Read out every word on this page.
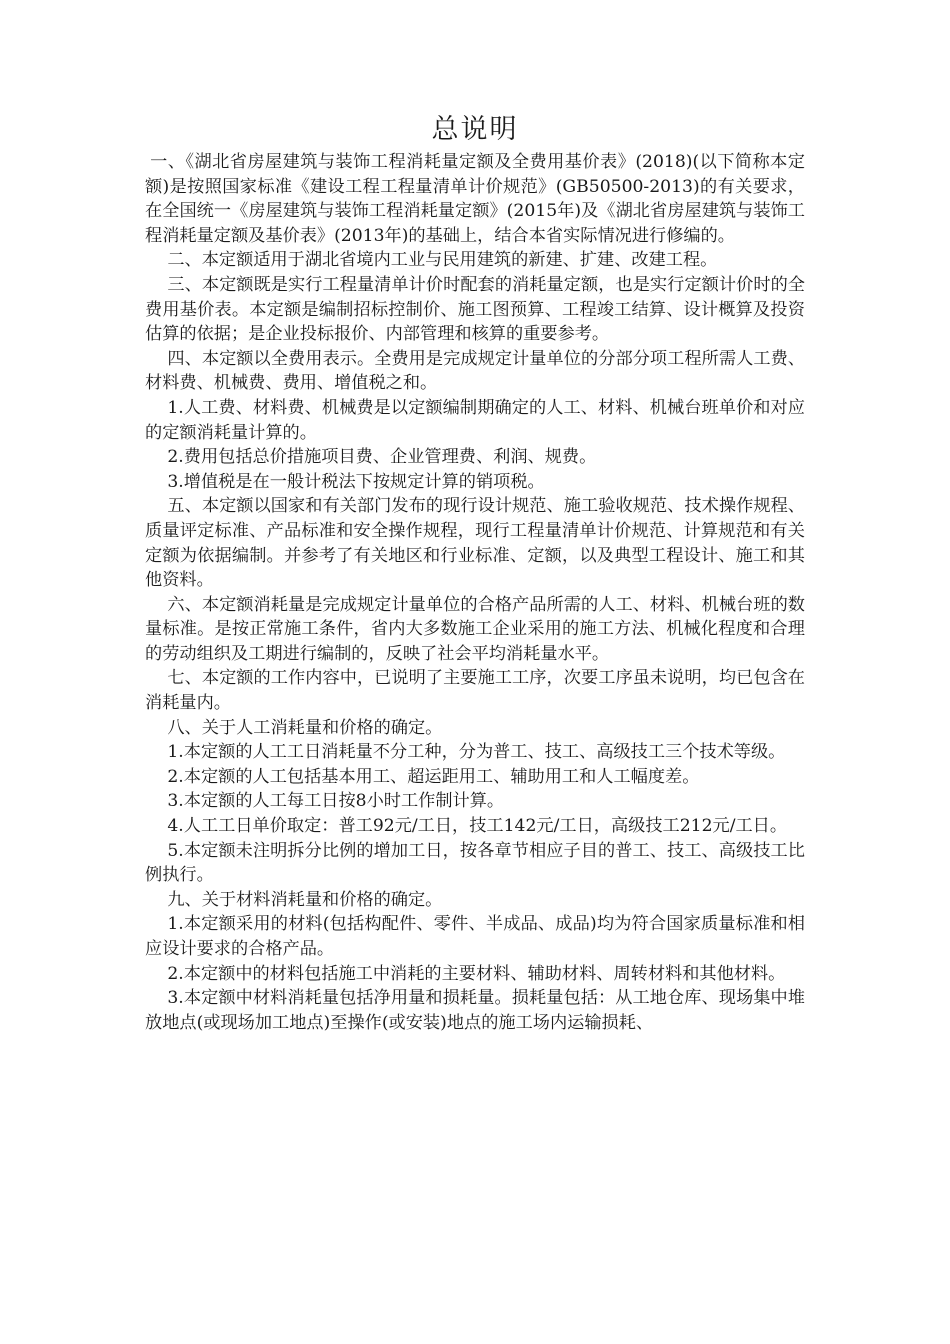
总说明

一、《湖北省房屋建筑与装饰工程消耗量定额及全费用基价表》(2018)(以下简称本定额)是按照国家标准《建设工程工程量清单计价规范》(GB50500-2013)的有关要求，在全国统一《房屋建筑与装饰工程消耗量定额》(2015年)及《湖北省房屋建筑与装饰工程消耗量定额及基价表》(2013年)的基础上，结合本省实际情况进行修编的。

二、本定额适用于湖北省境内工业与民用建筑的新建、扩建、改建工程。

三、本定额既是实行工程量清单计价时配套的消耗量定额，也是实行定额计价时的全费用基价表。本定额是编制招标控制价、施工图预算、工程竣工结算、设计概算及投资估算的依据；是企业投标报价、内部管理和核算的重要参考。

四、本定额以全费用表示。全费用是完成规定计量单位的分部分项工程所需人工费、材料费、机械费、费用、增值税之和。

1.人工费、材料费、机械费是以定额编制期确定的人工、材料、机械台班单价和对应的定额消耗量计算的。

2.费用包括总价措施项目费、企业管理费、利润、规费。

3.增值税是在一般计税法下按规定计算的销项税。

五、本定额以国家和有关部门发布的现行设计规范、施工验收规范、技术操作规程、质量评定标准、产品标准和安全操作规程，现行工程量清单计价规范、计算规范和有关定额为依据编制。并参考了有关地区和行业标准、定额，以及典型工程设计、施工和其他资料。

六、本定额消耗量是完成规定计量单位的合格产品所需的人工、材料、机械台班的数量标准。是按正常施工条件，省内大多数施工企业采用的施工方法、机械化程度和合理的劳动组织及工期进行编制的，反映了社会平均消耗量水平。

七、本定额的工作内容中，已说明了主要施工工序，次要工序虽未说明，均已包含在消耗量内。

八、关于人工消耗量和价格的确定。

1.本定额的人工工日消耗量不分工种，分为普工、技工、高级技工三个技术等级。

2.本定额的人工包括基本用工、超运距用工、辅助用工和人工幅度差。

3.本定额的人工每工日按8小时工作制计算。

4.人工工日单价取定：普工92元/工日，技工142元/工日，高级技工212元/工日。

5.本定额未注明拆分比例的增加工日，按各章节相应子目的普工、技工、高级技工比例执行。

九、关于材料消耗量和价格的确定。

1.本定额采用的材料(包括构配件、零件、半成品、成品)均为符合国家质量标准和相应设计要求的合格产品。

2.本定额中的材料包括施工中消耗的主要材料、辅助材料、周转材料和其他材料。

3.本定额中材料消耗量包括净用量和损耗量。损耗量包括：从工地仓库、现场集中堆放地点(或现场加工地点)至操作(或安装)地点的施工场内运输损耗、
